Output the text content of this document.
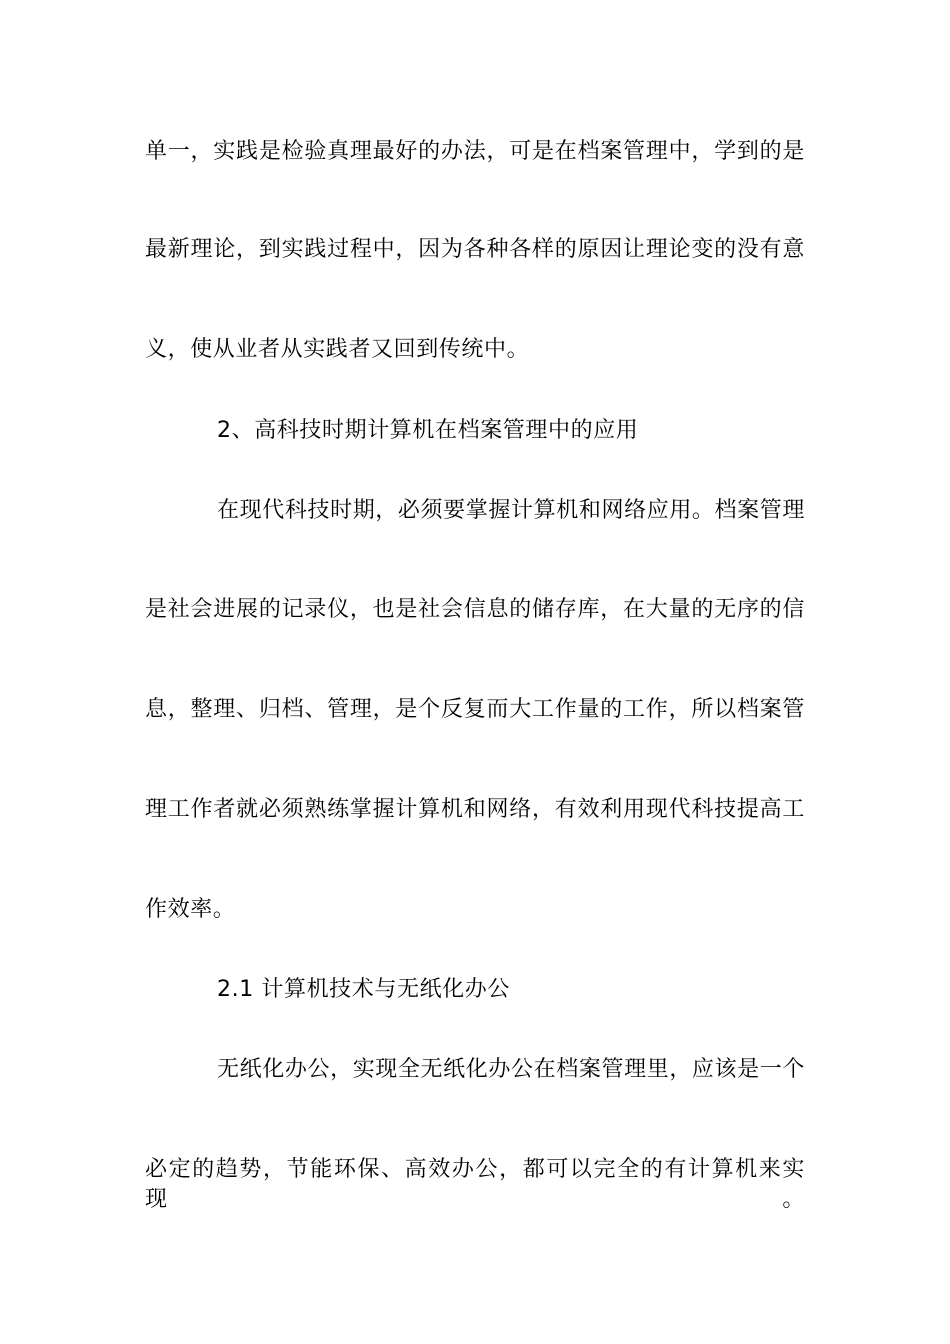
单一，实践是检验真理最好的办法，可是在档案管理中，学到的是
最新理论，到实践过程中，因为各种各样的原因让理论变的没有意
义，使从业者从实践者又回到传统中。
2、高科技时期计算机在档案管理中的应用
在现代科技时期，必须要掌握计算机和网络应用。档案管理
是社会进展的记录仪，也是社会信息的储存库，在大量的无序的信
息，整理、归档、管理，是个反复而大工作量的工作，所以档案管
理工作者就必须熟练掌握计算机和网络，有效利用现代科技提高工
作效率。
2.1 计算机技术与无纸化办公
无纸化办公，实现全无纸化办公在档案管理里，应该是一个
必定的趋势，节能环保、高效办公，都可以完全的有计算机来实现。
